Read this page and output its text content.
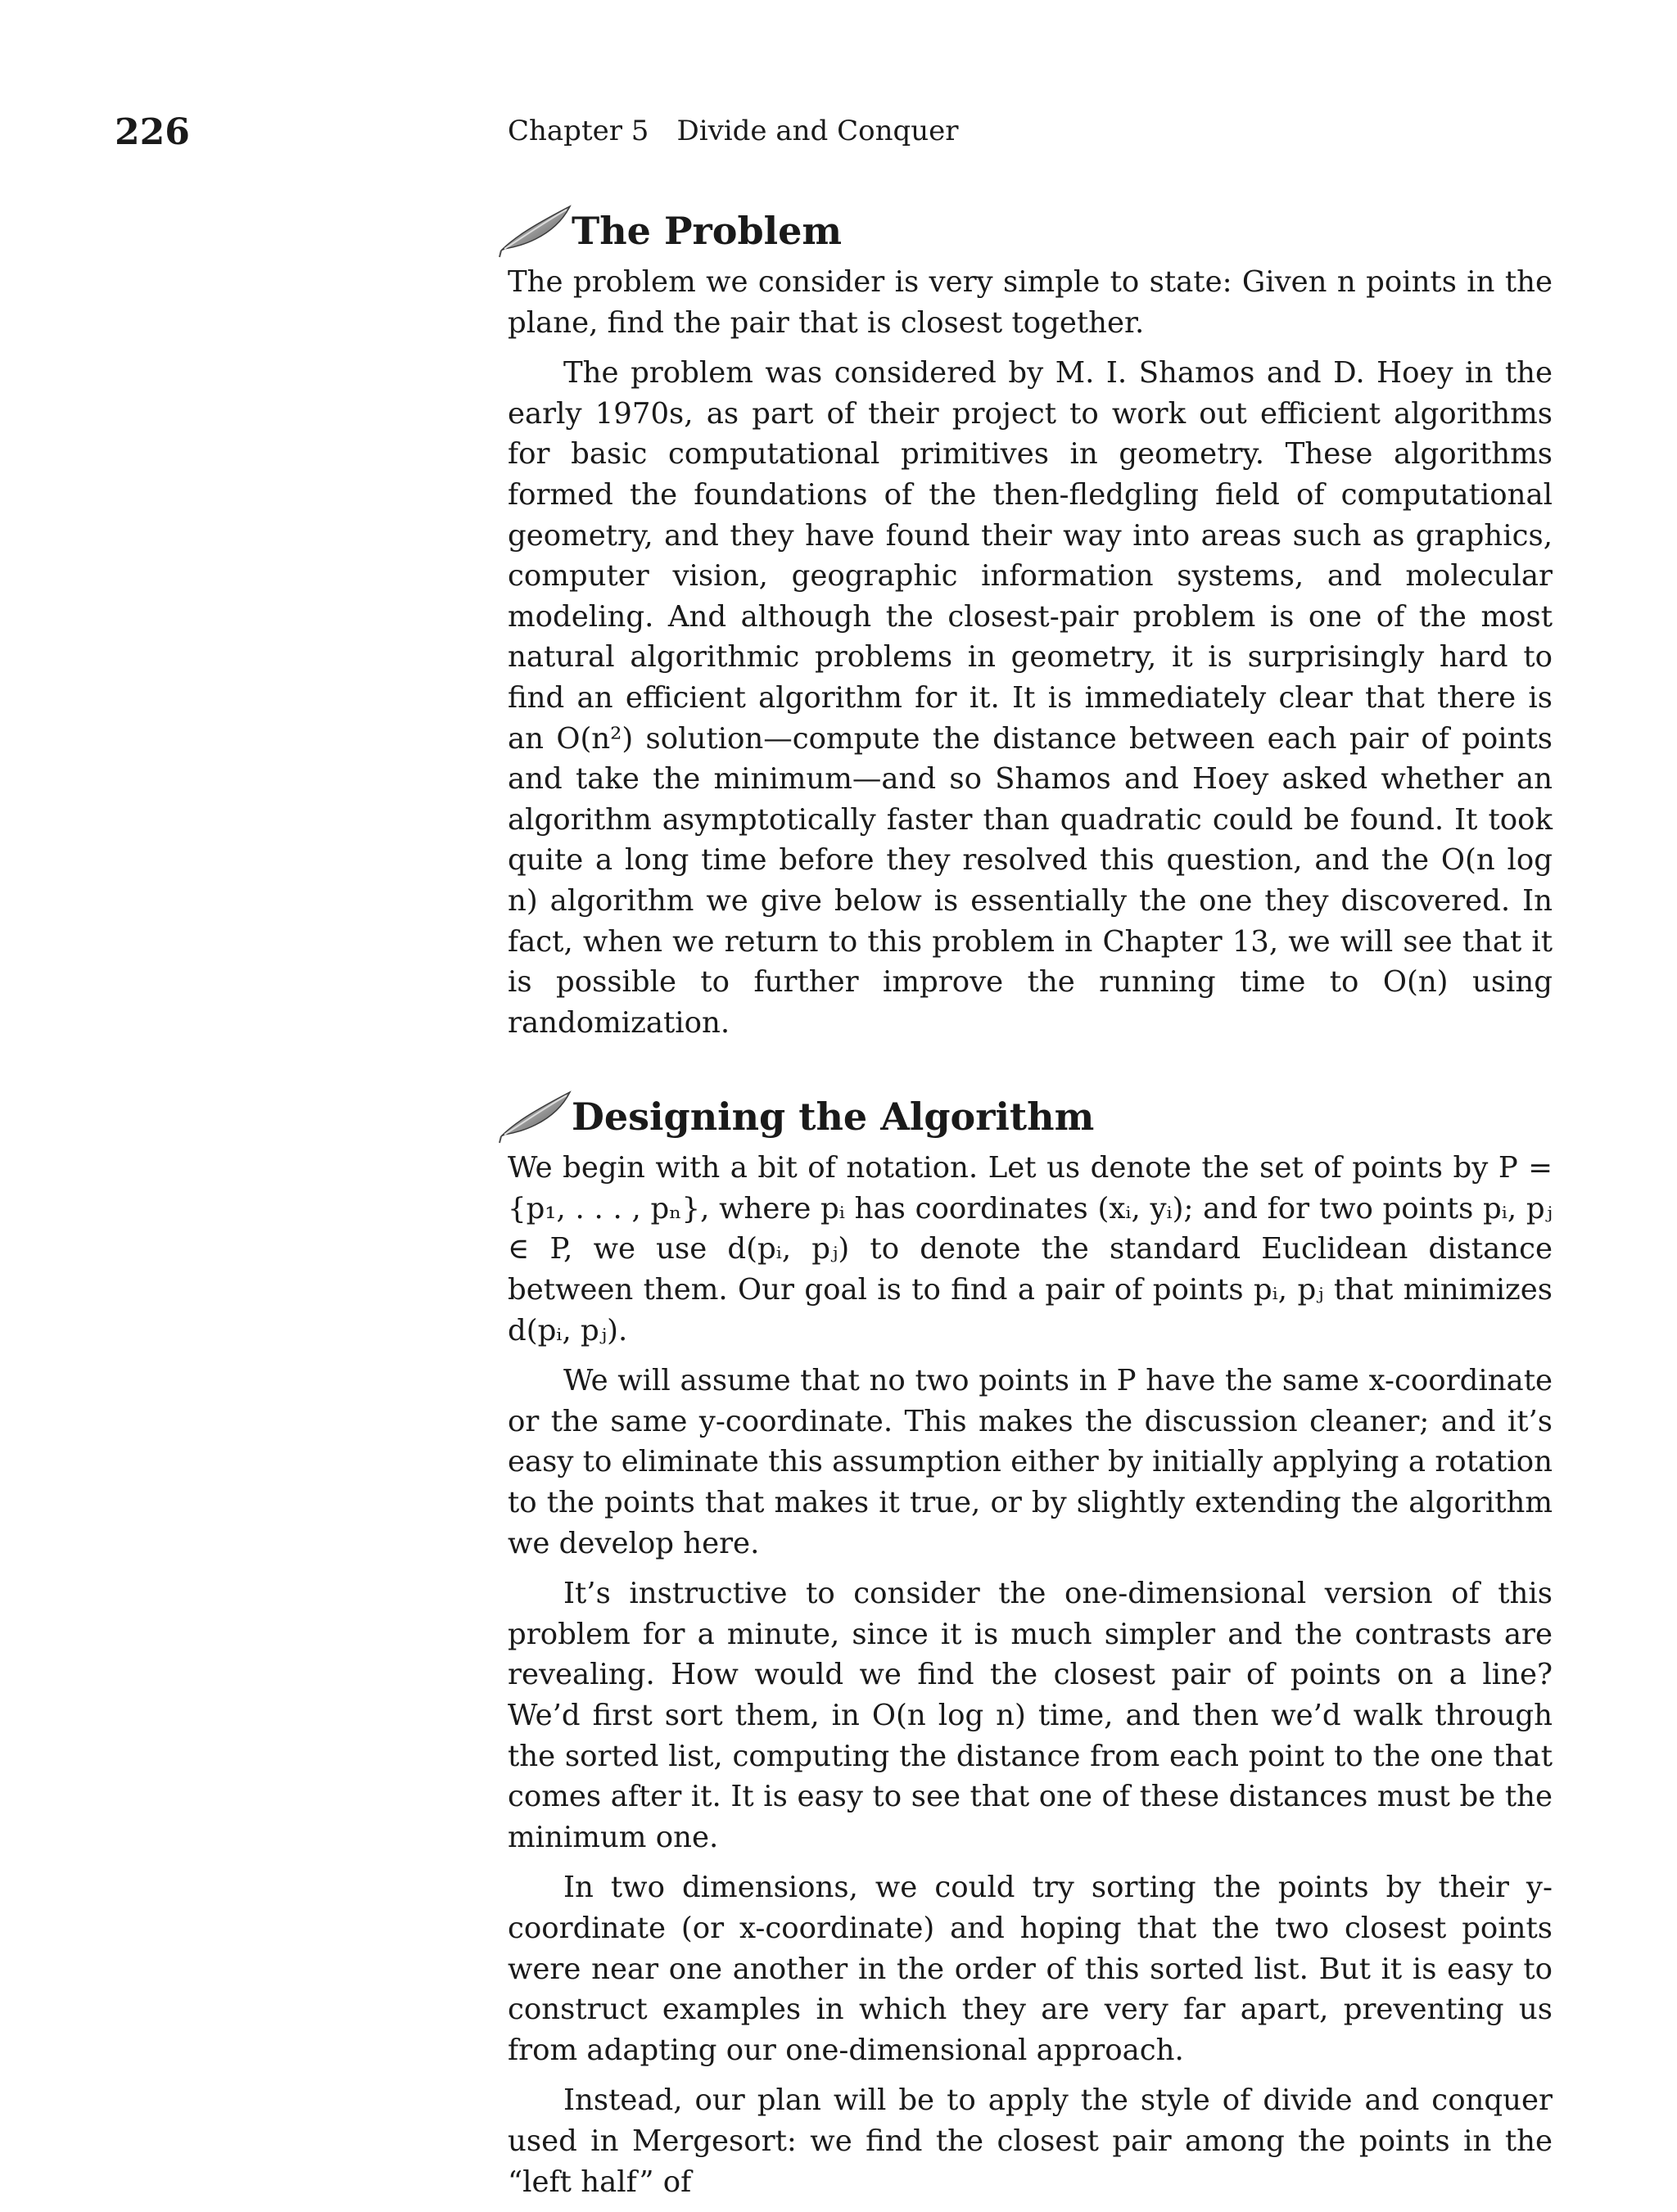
226	Chapter 5 Divide and Conquer
The Problem

The problem we consider is very simple to state: Given n points in the plane, find the pair that is closest together.

The problem was considered by M. I. Shamos and D. Hoey in the early 1970s, as part of their project to work out efficient algorithms for basic computational primitives in geometry. These algorithms formed the foundations of the then-fledgling field of computational geometry, and they have found their way into areas such as graphics, computer vision, geographic information systems, and molecular modeling. And although the closest-pair problem is one of the most natural algorithmic problems in geometry, it is surprisingly hard to find an efficient algorithm for it. It is immediately clear that there is an O(n²) solution—compute the distance between each pair of points and take the minimum—and so Shamos and Hoey asked whether an algorithm asymptotically faster than quadratic could be found. It took quite a long time before they resolved this question, and the O(n log n) algorithm we give below is essentially the one they discovered. In fact, when we return to this problem in Chapter 13, we will see that it is possible to further improve the running time to O(n) using randomization.

Designing the Algorithm

We begin with a bit of notation. Let us denote the set of points by P = {p₁, . . . , pₙ}, where pᵢ has coordinates (xᵢ, yᵢ); and for two points pᵢ, pⱼ ∈ P, we use d(pᵢ, pⱼ) to denote the standard Euclidean distance between them. Our goal is to find a pair of points pᵢ, pⱼ that minimizes d(pᵢ, pⱼ).

We will assume that no two points in P have the same x-coordinate or the same y-coordinate. This makes the discussion cleaner; and it’s easy to eliminate this assumption either by initially applying a rotation to the points that makes it true, or by slightly extending the algorithm we develop here.

It’s instructive to consider the one-dimensional version of this problem for a minute, since it is much simpler and the contrasts are revealing. How would we find the closest pair of points on a line? We’d first sort them, in O(n log n) time, and then we’d walk through the sorted list, computing the distance from each point to the one that comes after it. It is easy to see that one of these distances must be the minimum one.

In two dimensions, we could try sorting the points by their y-coordinate (or x-coordinate) and hoping that the two closest points were near one another in the order of this sorted list. But it is easy to construct examples in which they are very far apart, preventing us from adapting our one-dimensional approach.

Instead, our plan will be to apply the style of divide and conquer used in Mergesort: we find the closest pair among the points in the “left half” of
